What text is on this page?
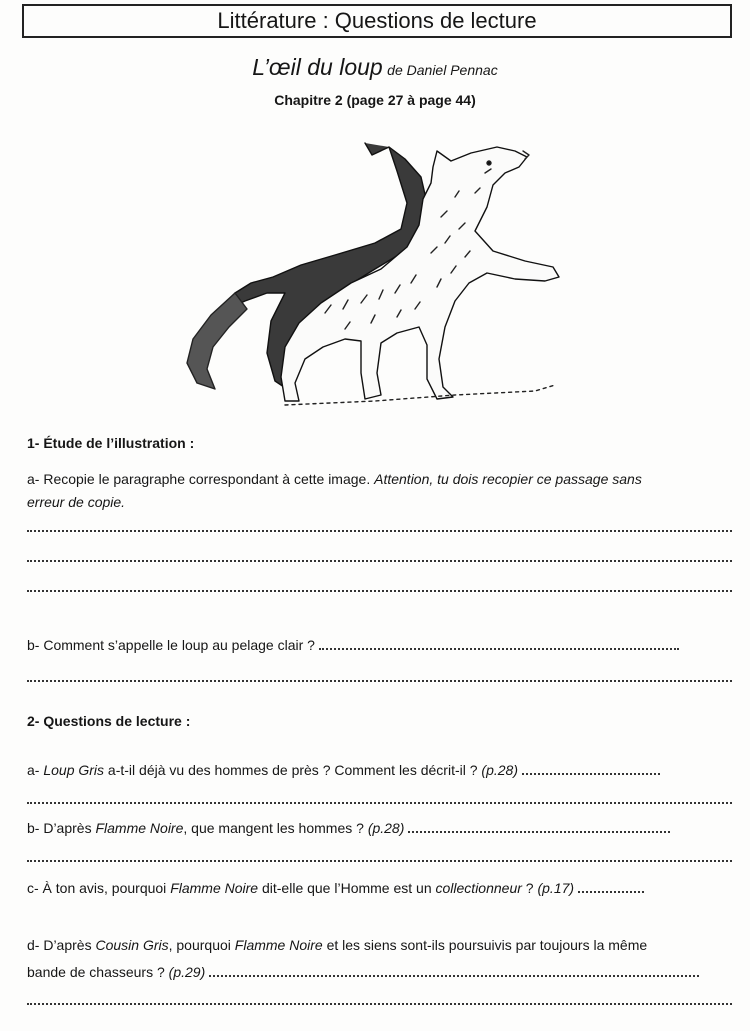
Littérature : Questions de lecture
L’œil du loup de Daniel Pennac
Chapitre 2 (page 27 à page 44)
1- Étude de l’illustration :
a- Recopie le paragraphe correspondant à cette image. Attention, tu dois recopier ce passage sans
erreur de copie.
b- Comment s’appelle le loup au pelage clair ?
2- Questions de lecture :
a- Loup Gris a-t-il déjà vu des hommes de près ? Comment les décrit-il ? (p.28)
b- D’après Flamme Noire, que mangent les hommes ? (p.28)
c- À ton avis, pourquoi Flamme Noire dit-elle que l’Homme est un collectionneur ? (p.17)
d- D’après Cousin Gris, pourquoi Flamme Noire et les siens sont-ils poursuivis par toujours la même
bande de chasseurs ? (p.29)
